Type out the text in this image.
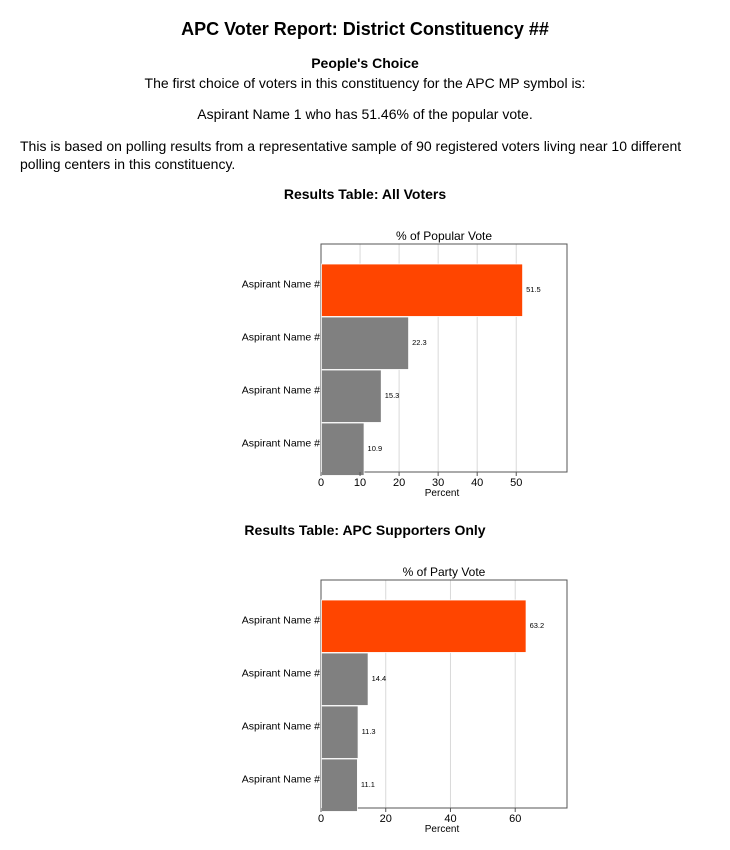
APC Voter Report: District Constituency ##
People's Choice
The first choice of voters in this constituency for the APC MP symbol is:
Aspirant Name 1 who has 51.46% of the popular vote.
This is based on polling results from a representative sample of 90 registered voters living near 10 different polling centers in this constituency.
Results Table: All Voters
% of Popular Vote
Aspirant Name #	51.5
Aspirant Name #	22.3
Aspirant Name #	15.3
Aspirant Name #	10.9
0	10 20 30 40 50
Percent
Results Table: APC Supporters Only
% of Party Vote
Aspirant Name #	63.2
Aspirant Name #	14.4
Aspirant Name #	11.3
Aspirant Name #	11.1
0	20	40	60
Percent
